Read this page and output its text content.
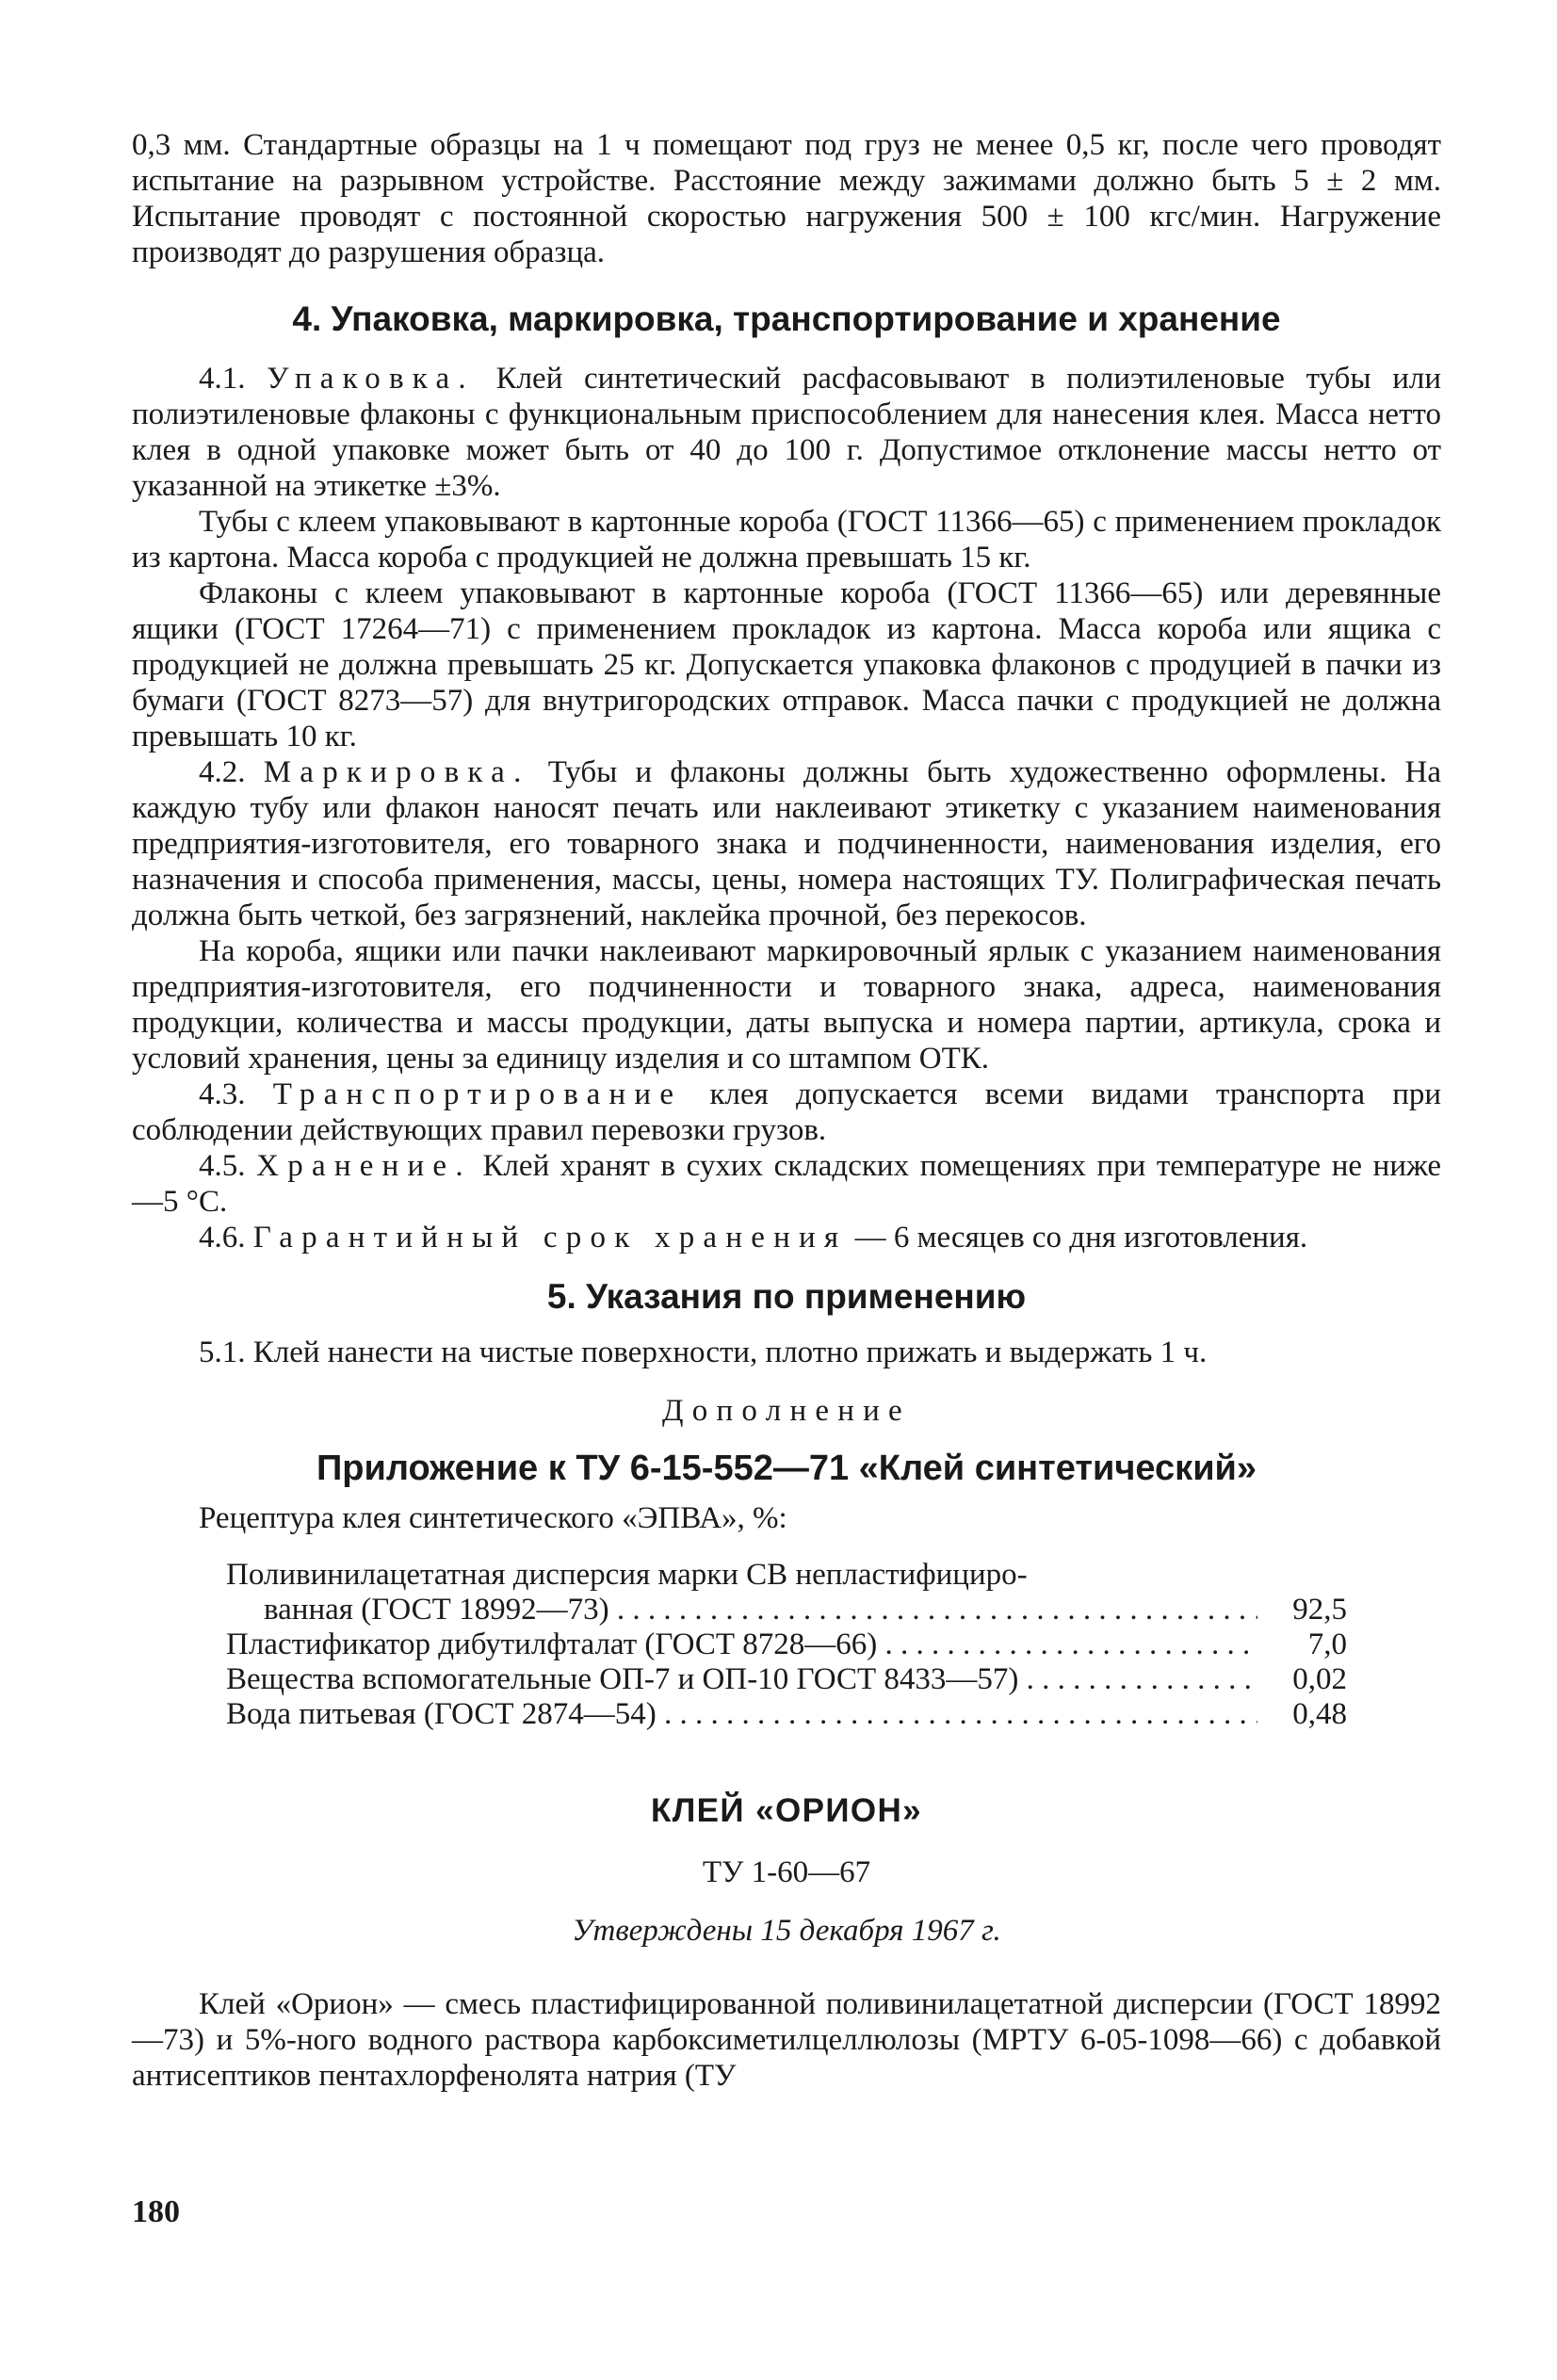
0,3 мм. Стандартные образцы на 1 ч помещают под груз не менее 0,5 кг, после чего проводят испытание на разрывном устройстве. Расстояние между зажимами должно быть 5 ± 2 мм. Испытание проводят с постоянной скоростью нагружения 500 ± 100 кгс/мин. Нагружение производят до разрушения образца.

4. Упаковка, маркировка, транспортирование и хранение

4.1. Упаковка. Клей синтетический расфасовывают в полиэтиленовые тубы или полиэтиленовые флаконы с функциональным приспособлением для нанесения клея. Масса нетто клея в одной упаковке может быть от 40 до 100 г. Допустимое отклонение массы нетто от указанной на этикетке ±3%.

Тубы с клеем упаковывают в картонные короба (ГОСТ 11366—65) с применением прокладок из картона. Масса короба с продукцией не должна превышать 15 кг.

Флаконы с клеем упаковывают в картонные короба (ГОСТ 11366—65) или деревянные ящики (ГОСТ 17264—71) с применением прокладок из картона. Масса короба или ящика с продукцией не должна превышать 25 кг. Допускается упаковка флаконов с продуцией в пачки из бумаги (ГОСТ 8273—57) для внутригородских отправок. Масса пачки с продукцией не должна превышать 10 кг.

4.2. Маркировка. Тубы и флаконы должны быть художественно оформлены. На каждую тубу или флакон наносят печать или наклеивают этикетку с указанием наименования предприятия-изготовителя, его товарного знака и подчиненности, наименования изделия, его назначения и способа применения, массы, цены, номера настоящих ТУ. Полиграфическая печать должна быть четкой, без загрязнений, наклейка прочной, без перекосов.

На короба, ящики или пачки наклеивают маркировочный ярлык с указанием наименования предприятия-изготовителя, его подчиненности и товарного знака, адреса, наименования продукции, количества и массы продукции, даты выпуска и номера партии, артикула, срока и условий хранения, цены за единицу изделия и со штампом ОТК.

4.3. Транспортирование клея допускается всеми видами транспорта при соблюдении действующих правил перевозки грузов.

4.5. Хранение. Клей хранят в сухих складских помещениях при температуре не ниже —5 °С.

4.6. Гарантийный срок хранения — 6 месяцев со дня изготовления.

5. Указания по применению

5.1. Клей нанести на чистые поверхности, плотно прижать и выдержать 1 ч.

Дополнение

Приложение к ТУ 6-15-552—71 «Клей синтетический»

Рецептура клея синтетического «ЭПВА», %:

Поливинилацетатная дисперсия марки СВ непластифициро-
ванная (ГОСТ 18992—73) . . .	92,5
Пластификатор дибутилфталат (ГОСТ 8728—66) . . .	7,0
Вещества вспомогательные ОП-7 и ОП-10 ГОСТ 8433—57) . . .	0,02
Вода питьевая (ГОСТ 2874—54) . . .	0,48
КЛЕЙ «ОРИОН»

ТУ 1-60—67

Утверждены 15 декабря 1967 г.

Клей «Орион» — смесь пластифицированной поливинилацетатной дисперсии (ГОСТ 18992—73) и 5%-ного водного раствора карбоксиметилцеллюлозы (МРТУ 6-05-1098—66) с добавкой антисептиков пентахлорфенолята натрия (ТУ

180
